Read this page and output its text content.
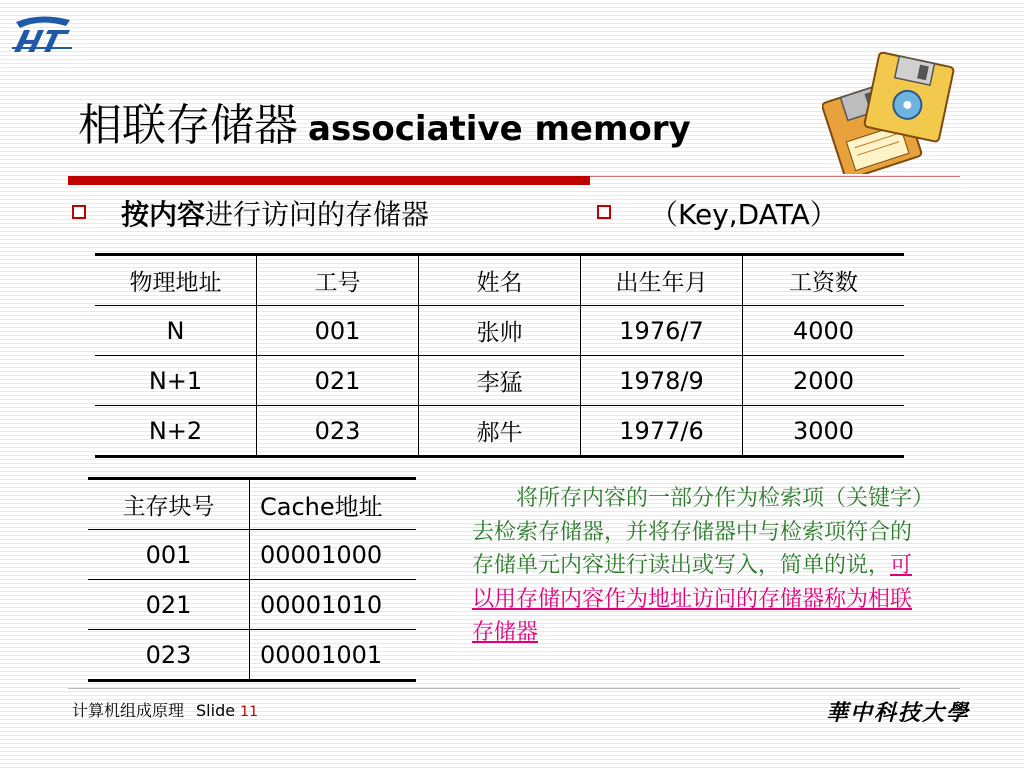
相联存储器 associative memory
按内容进行访问的存储器	（Key,DATA）
物理地址	工号	姓名	出生年月	工资数
N	001	张帅	1976/7	4000
N+1	021	李猛	1978/9	2000
N+2	023	郝牛	1977/6	3000
主存块号	Cache地址
001	00001000
021	00001010
023	00001001
将所存内容的一部分作为检索项（关键字）去检索存储器，并将存储器中与检索项符合的存储单元内容进行读出或写入，简单的说，可以用存储内容作为地址访问的存储器称为相联存储器
计算机组成原理 Slide 11	華中科技大學
